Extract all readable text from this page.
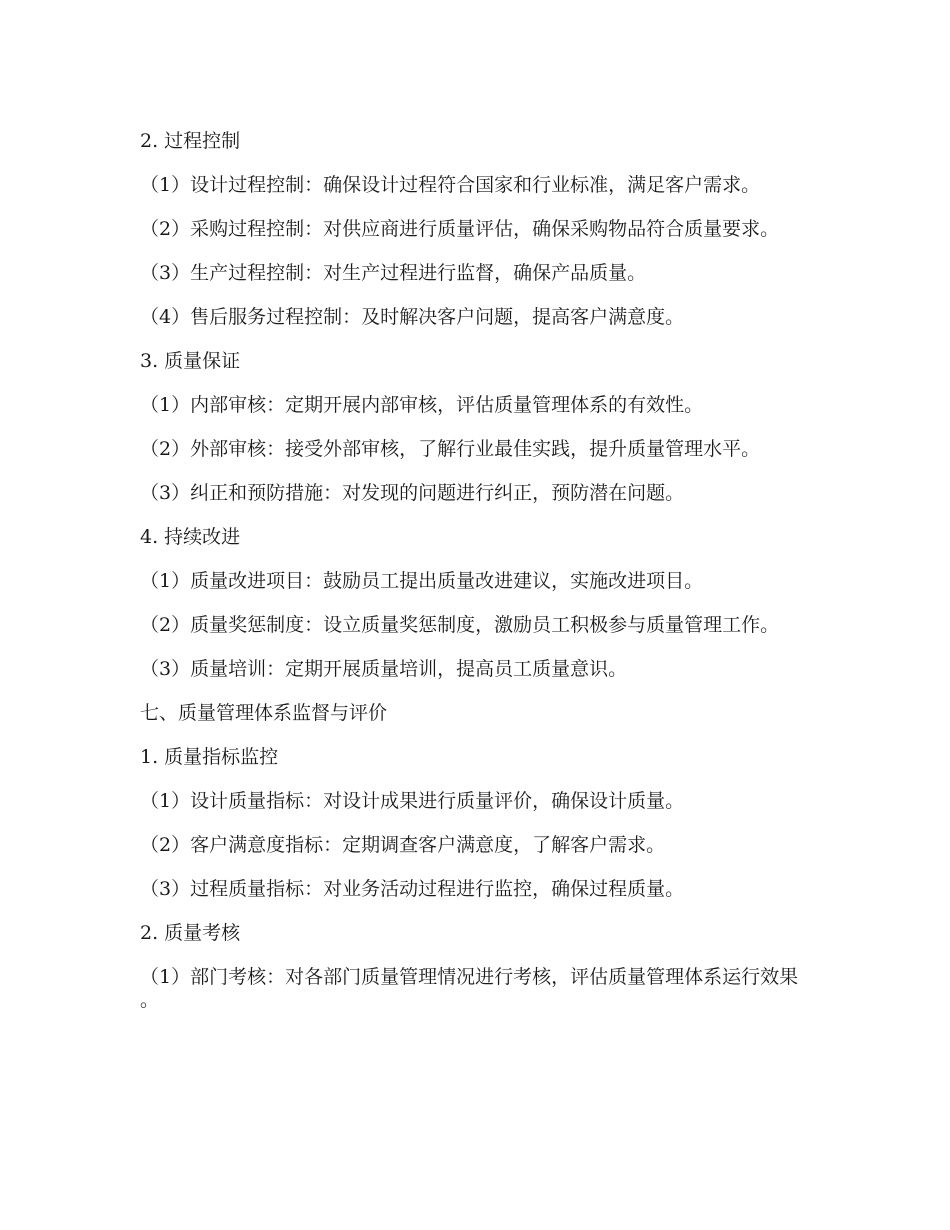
2. 过程控制

（1）设计过程控制：确保设计过程符合国家和行业标准，满足客户需求。

（2）采购过程控制：对供应商进行质量评估，确保采购物品符合质量要求。

（3）生产过程控制：对生产过程进行监督，确保产品质量。

（4）售后服务过程控制：及时解决客户问题，提高客户满意度。

3. 质量保证

（1）内部审核：定期开展内部审核，评估质量管理体系的有效性。

（2）外部审核：接受外部审核，了解行业最佳实践，提升质量管理水平。

（3）纠正和预防措施：对发现的问题进行纠正，预防潜在问题。

4. 持续改进

（1）质量改进项目：鼓励员工提出质量改进建议，实施改进项目。

（2）质量奖惩制度：设立质量奖惩制度，激励员工积极参与质量管理工作。

（3）质量培训：定期开展质量培训，提高员工质量意识。

七、质量管理体系监督与评价

1. 质量指标监控

（1）设计质量指标：对设计成果进行质量评价，确保设计质量。

（2）客户满意度指标：定期调查客户满意度，了解客户需求。

（3）过程质量指标：对业务活动过程进行监控，确保过程质量。

2. 质量考核

（1）部门考核：对各部门质量管理情况进行考核，评估质量管理体系运行效果。
